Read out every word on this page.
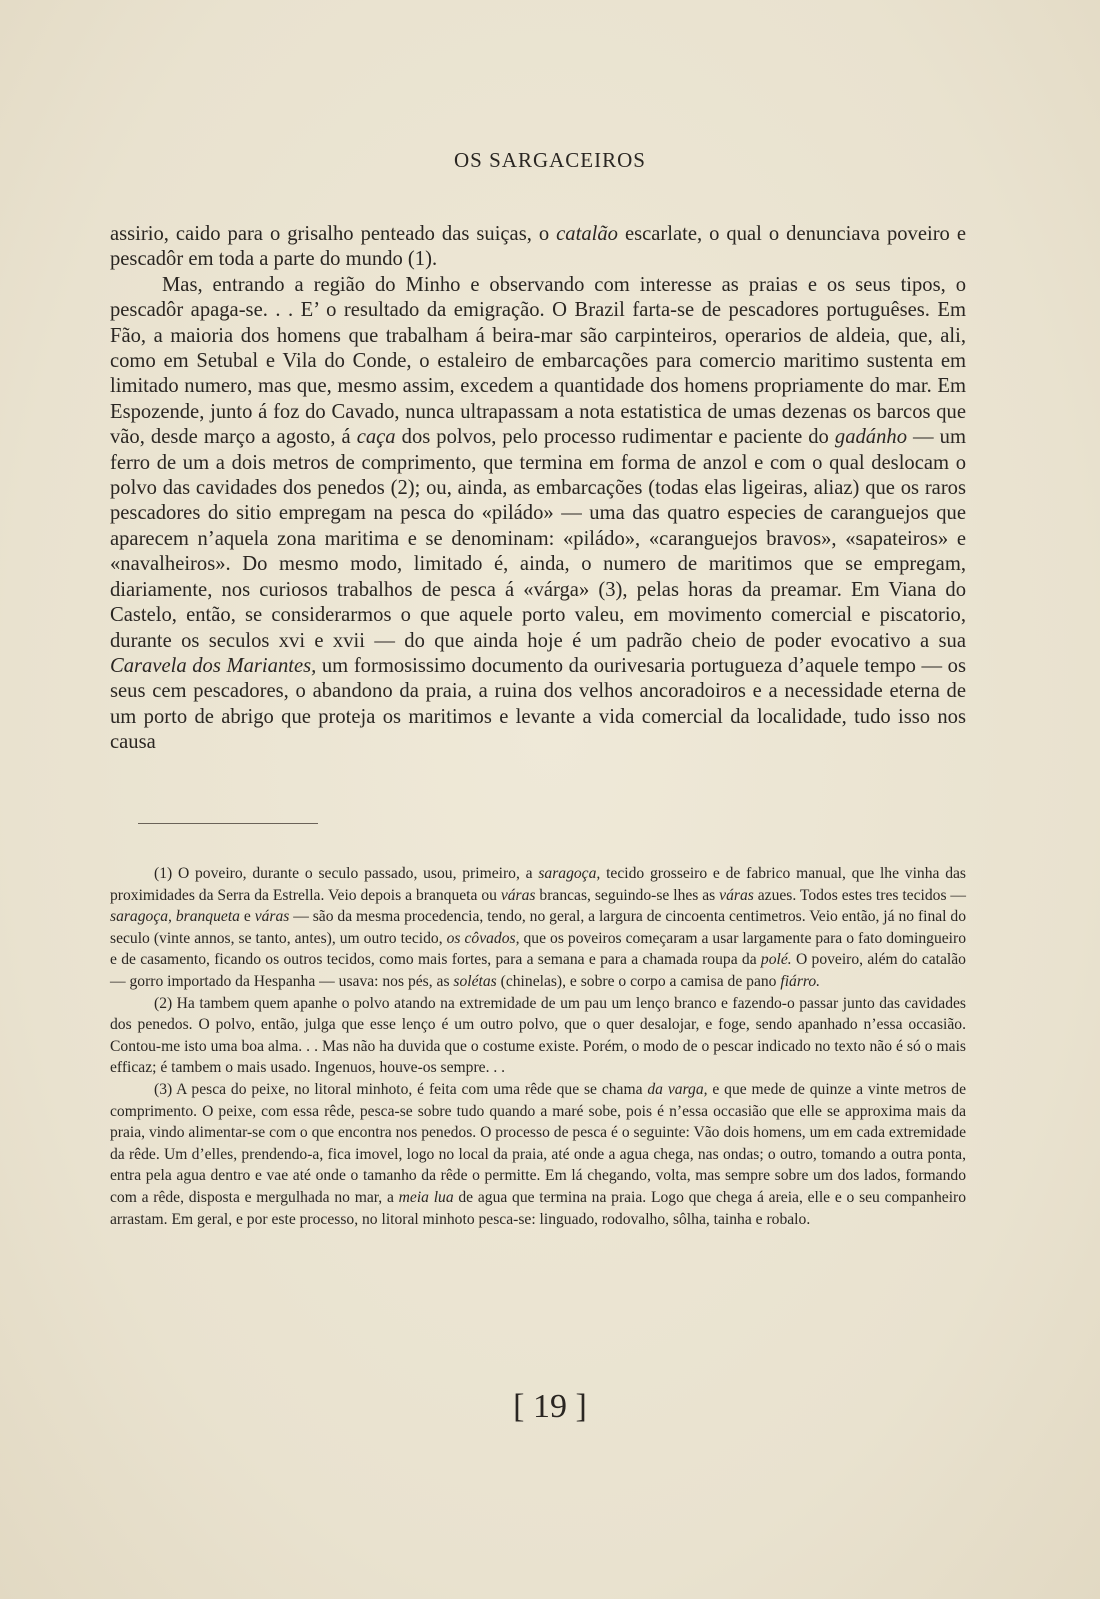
OS SARGACEIROS

assirio, caido para o grisalho penteado das suiças, o catalão escarlate, o qual o denunciava poveiro e pescadôr em toda a parte do mundo (1).

Mas, entrando a região do Minho e observando com interesse as praias e os seus tipos, o pescadôr apaga-se. . . E’ o resultado da emigração. O Brazil farta-se de pescadores portuguêses. Em Fão, a maioria dos homens que trabalham á beira-mar são carpinteiros, operarios de aldeia, que, ali, como em Setubal e Vila do Conde, o estaleiro de embarcações para comercio maritimo sustenta em limitado numero, mas que, mesmo assim, excedem a quantidade dos homens propriamente do mar. Em Espozende, junto á foz do Cavado, nunca ultrapassam a nota estatistica de umas dezenas os barcos que vão, desde março a agosto, á caça dos polvos, pelo processo rudimentar e paciente do gadánho — um ferro de um a dois metros de comprimento, que termina em forma de anzol e com o qual deslocam o polvo das cavidades dos penedos (2); ou, ainda, as embarcações (todas elas ligeiras, aliaz) que os raros pescadores do sitio empregam na pesca do «piládo» — uma das quatro especies de caranguejos que aparecem n’aquela zona maritima e se denominam: «piládo», «caranguejos bravos», «sapateiros» e «navalheiros». Do mesmo modo, limitado é, ainda, o numero de maritimos que se empregam, diariamente, nos curiosos trabalhos de pesca á «várga» (3), pelas horas da preamar. Em Viana do Castelo, então, se considerarmos o que aquele porto valeu, em movimento comercial e piscatorio, durante os seculos xvi e xvii — do que ainda hoje é um padrão cheio de poder evocativo a sua Caravela dos Mariantes, um formosissimo documento da ourivesaria portugueza d’aquele tempo — os seus cem pescadores, o abandono da praia, a ruina dos velhos ancoradoiros e a necessidade eterna de um porto de abrigo que proteja os maritimos e levante a vida comercial da localidade, tudo isso nos causa

(1) O poveiro, durante o seculo passado, usou, primeiro, a saragoça, tecido grosseiro e de fabrico manual, que lhe vinha das proximidades da Serra da Estrella. Veio depois a branqueta ou váras brancas, seguindo-se lhes as váras azues. Todos estes tres tecidos — saragoça, branqueta e váras — são da mesma procedencia, tendo, no geral, a largura de cincoenta centimetros. Veio então, já no final do seculo (vinte annos, se tanto, antes), um outro tecido, os côvados, que os poveiros começaram a usar largamente para o fato domingueiro e de casamento, ficando os outros tecidos, como mais fortes, para a semana e para a chamada roupa da polé. O poveiro, além do catalão — gorro importado da Hespanha — usava: nos pés, as solétas (chinelas), e sobre o corpo a camisa de pano fiárro.

(2) Ha tambem quem apanhe o polvo atando na extremidade de um pau um lenço branco e fazendo-o passar junto das cavidades dos penedos. O polvo, então, julga que esse lenço é um outro polvo, que o quer desalojar, e foge, sendo apanhado n’essa occasião. Contou-me isto uma boa alma. . . Mas não ha duvida que o costume existe. Porém, o modo de o pescar indicado no texto não é só o mais efficaz; é tambem o mais usado. Ingenuos, houve-os sempre. . .

(3) A pesca do peixe, no litoral minhoto, é feita com uma rêde que se chama da varga, e que mede de quinze a vinte metros de comprimento. O peixe, com essa rêde, pesca-se sobre tudo quando a maré sobe, pois é n’essa occasião que elle se approxima mais da praia, vindo alimentar-se com o que encontra nos penedos. O processo de pesca é o seguinte: Vão dois homens, um em cada extremidade da rêde. Um d’elles, prendendo-a, fica imovel, logo no local da praia, até onde a agua chega, nas ondas; o outro, tomando a outra ponta, entra pela agua dentro e vae até onde o tamanho da rêde o permitte. Em lá chegando, volta, mas sempre sobre um dos lados, formando com a rêde, disposta e mergulhada no mar, a meia lua de agua que termina na praia. Logo que chega á areia, elle e o seu companheiro arrastam. Em geral, e por este processo, no litoral minhoto pesca-se: linguado, rodovalho, sôlha, tainha e robalo.

[ 19 ]
